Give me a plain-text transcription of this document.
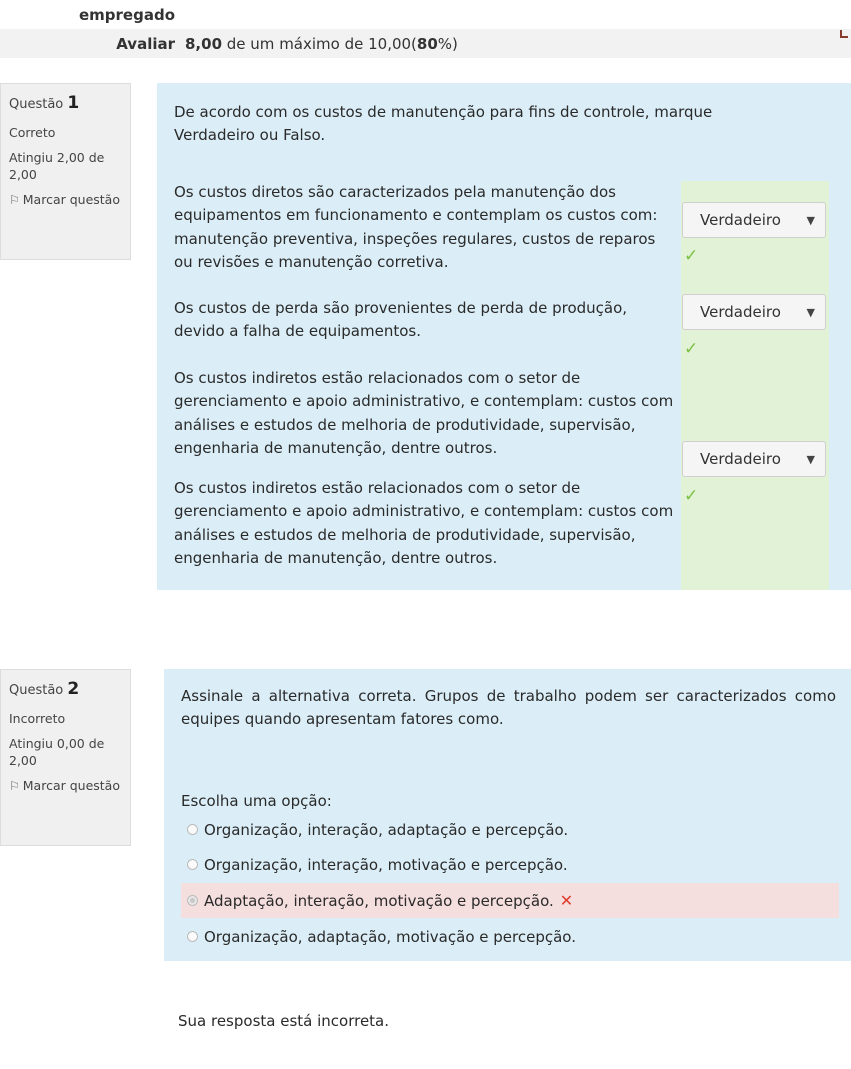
empregado
Avaliar 8,00 de um máximo de 10,00(80%)
Questão 1
Correto
Atingiu 2,00 de 2,00
⚐ Marcar questão
De acordo com os custos de manutenção para fins de controle, marque Verdadeiro ou Falso.
Os custos diretos são caracterizados pela manutenção dos equipamentos em funcionamento e contemplam os custos com: manutenção preventiva, inspeções regulares, custos de reparos ou revisões e manutenção corretiva.
Verdadeiro ▼
✓
Os custos de perda são provenientes de perda de produção, devido a falha de equipamentos.
Verdadeiro ▼
✓
Os custos indiretos estão relacionados com o setor de gerenciamento e apoio administrativo, e contemplam: custos com análises e estudos de melhoria de produtividade, supervisão, engenharia de manutenção, dentre outros.
Verdadeiro ▼
Os custos indiretos estão relacionados com o setor de gerenciamento e apoio administrativo, e contemplam: custos com análises e estudos de melhoria de produtividade, supervisão, engenharia de manutenção, dentre outros.
✓
Questão 2
Incorreto
Atingiu 0,00 de 2,00
⚐ Marcar questão
Assinale a alternativa correta. Grupos de trabalho podem ser caracterizados como equipes quando apresentam fatores como.
Escolha uma opção:
Organização, interação, adaptação e percepção.
Organização, interação, motivação e percepção.
Adaptação, interação, motivação e percepção. ✕
Organização, adaptação, motivação e percepção.
Sua resposta está incorreta.
